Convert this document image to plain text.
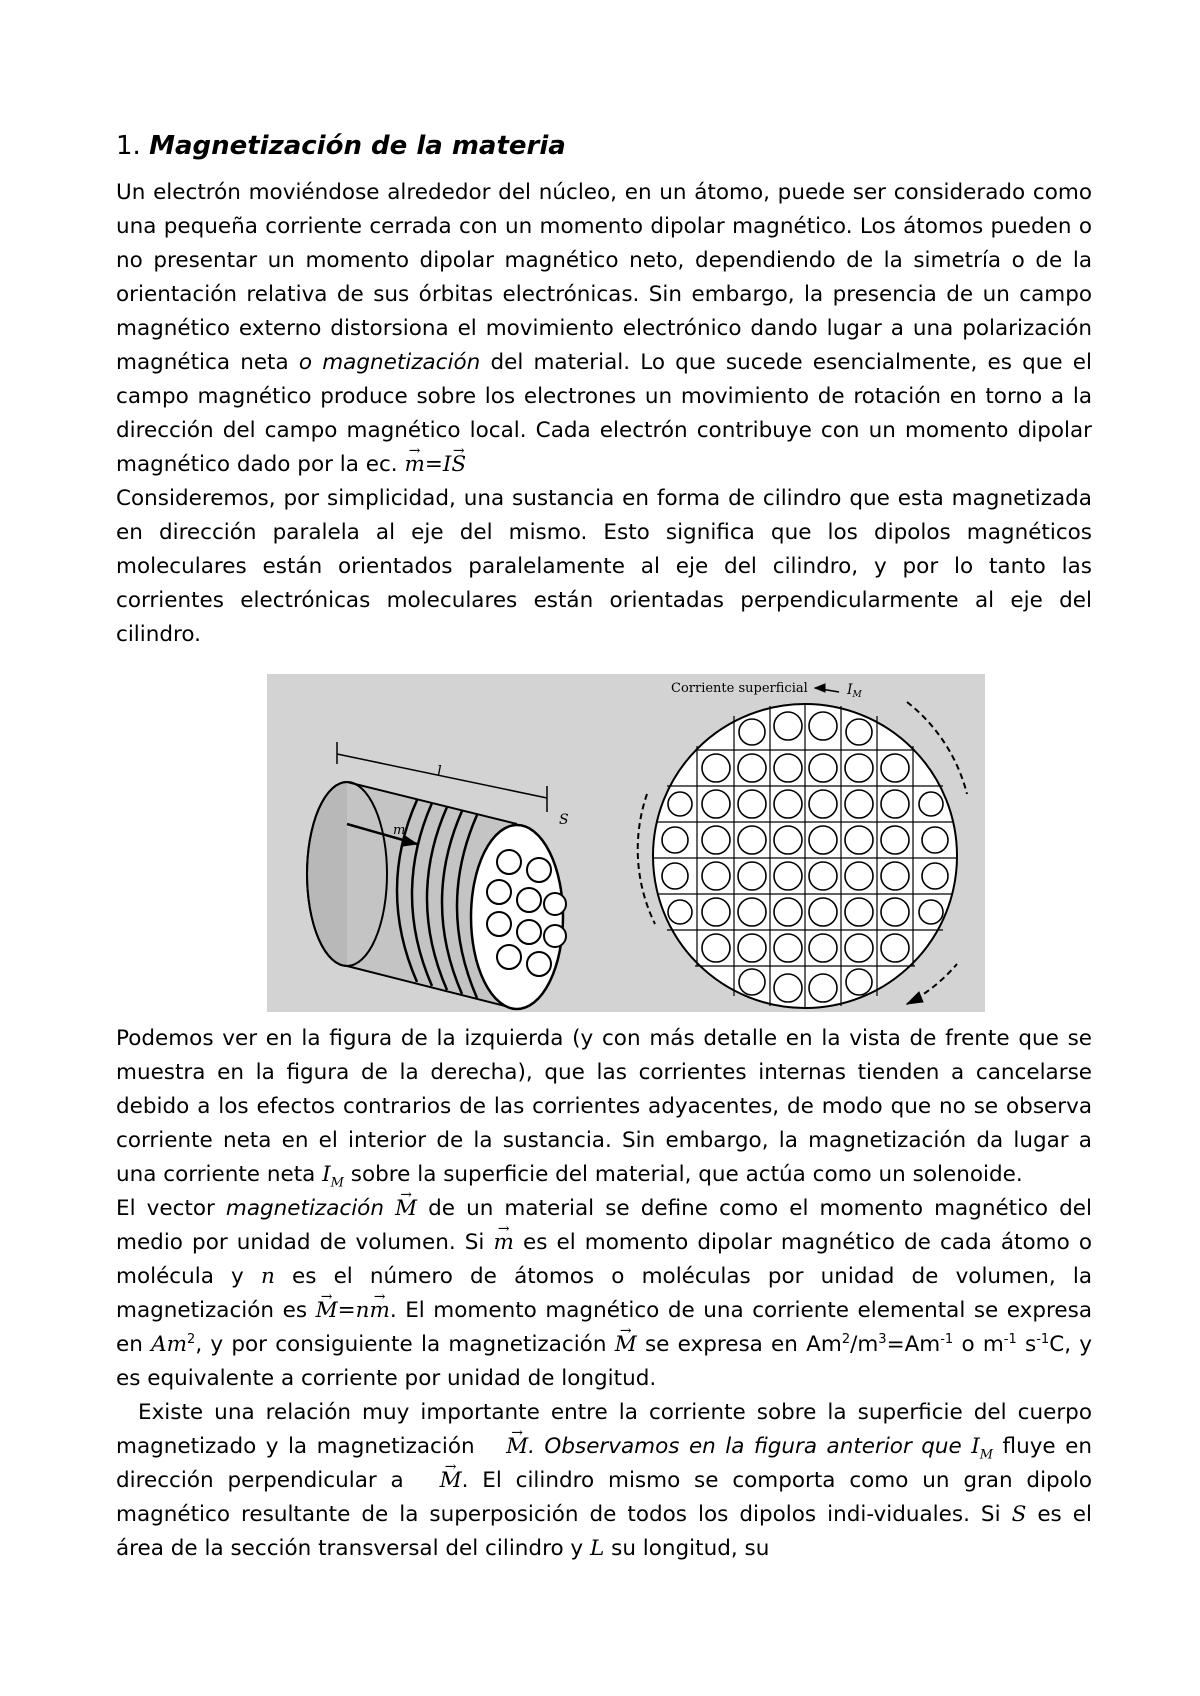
1. Magnetización de la materia

Un electrón moviéndose alrededor del núcleo, en un átomo, puede ser considerado como una pequeña corriente cerrada con un momento dipolar magnético. Los átomos pueden o no presentar un momento dipolar magnético neto, dependiendo de la simetría o de la orientación relativa de sus órbitas electrónicas. Sin embargo, la presencia de un campo magnético externo distorsiona el movimiento electrónico dando lugar a una polarización magnética neta o magnetización del material. Lo que sucede esencialmente, es que el campo magnético produce sobre los electrones un movimiento de rotación en torno a la dirección del campo magnético local. Cada electrón contribuye con un momento dipolar magnético dado por la ec. → m=I→ S

Consideremos, por simplicidad, una sustancia en forma de cilindro que esta magnetizada en dirección paralela al eje del mismo. Esto significa que los dipolos magnéticos moleculares están orientados paralelamente al eje del cilindro, y por lo tanto las corrientes electrónicas moleculares están orientadas perpendicularmente al eje del cilindro.

l
S
m
Corriente superficial	$I_M$

Podemos ver en la figura de la izquierda (y con más detalle en la vista de frente que se muestra en la figura de la derecha), que las corrientes internas tienden a cancelarse debido a los efectos contrarios de las corrientes adyacentes, de modo que no se observa corriente neta en el interior de la sustancia. Sin embargo, la magnetización da lugar a una corriente neta $I_M$ sobre la superficie del material, que actúa como un solenoide.

El vector magnetización → M de un material se define como el momento magnético del medio por unidad de volumen. Si → m es el momento dipolar magnético de cada átomo o molécula y n es el número de átomos o moléculas por unidad de volumen, la magnetización es → M=n→ m. El momento magnético de una corriente elemental se expresa en Am$^2$, y por consiguiente la magnetización → M se expresa en $Am^2/m^3=Am^{-1}$ o $m^{-1}$ $s^{-1}C$, y es equivalente a corriente por unidad de longitud.

Existe una relación muy importante entre la corriente sobre la superficie del cuerpo magnetizado y la magnetización → M. Observamos en la figura anterior que $I_M$ fluye en dirección perpendicular a → M. El cilindro mismo se comporta como un gran dipolo magnético resultante de la superposición de todos los dipolos indi-viduales. Si S es el área de la sección transversal del cilindro y L su longitud, su
